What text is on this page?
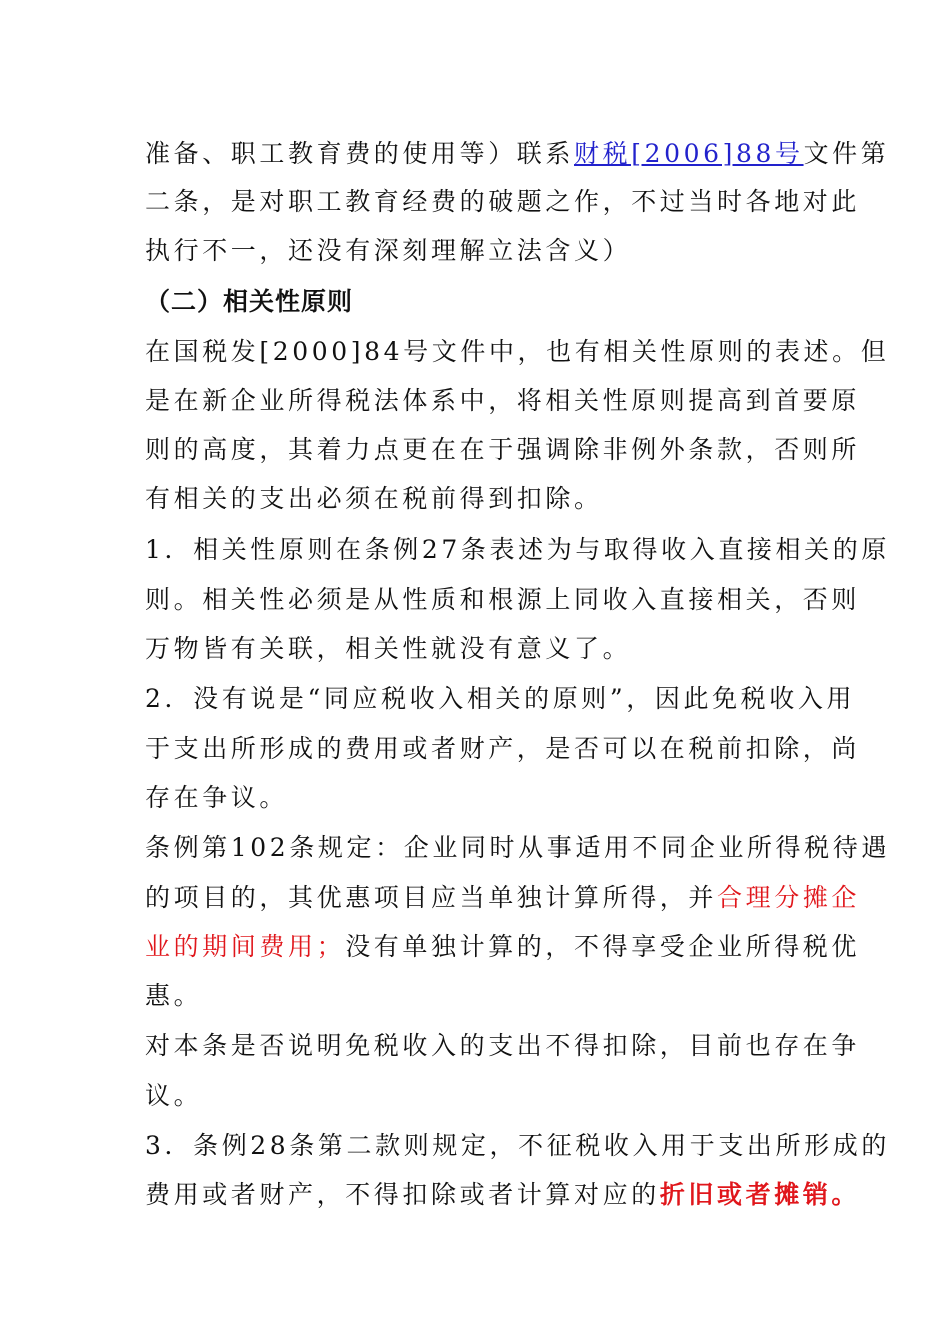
准备、职工教育费的使用等）联系财税[2006]88号文件第
二条，是对职工教育经费的破题之作，不过当时各地对此
执行不一，还没有深刻理解立法含义）
（二）相关性原则
在国税发[2000]84号文件中，也有相关性原则的表述。但
是在新企业所得税法体系中，将相关性原则提高到首要原
则的高度，其着力点更在在于强调除非例外条款，否则所
有相关的支出必须在税前得到扣除。
1．相关性原则在条例27条表述为与取得收入直接相关的原
则。相关性必须是从性质和根源上同收入直接相关，否则
万物皆有关联，相关性就没有意义了。
2．没有说是“同应税收入相关的原则”，因此免税收入用
于支出所形成的费用或者财产，是否可以在税前扣除，尚
存在争议。
条例第102条规定：企业同时从事适用不同企业所得税待遇
的项目的，其优惠项目应当单独计算所得，并合理分摊企
业的期间费用；没有单独计算的，不得享受企业所得税优
惠。
对本条是否说明免税收入的支出不得扣除，目前也存在争
议。
3．条例28条第二款则规定，不征税收入用于支出所形成的
费用或者财产，不得扣除或者计算对应的折旧或者摊销。
